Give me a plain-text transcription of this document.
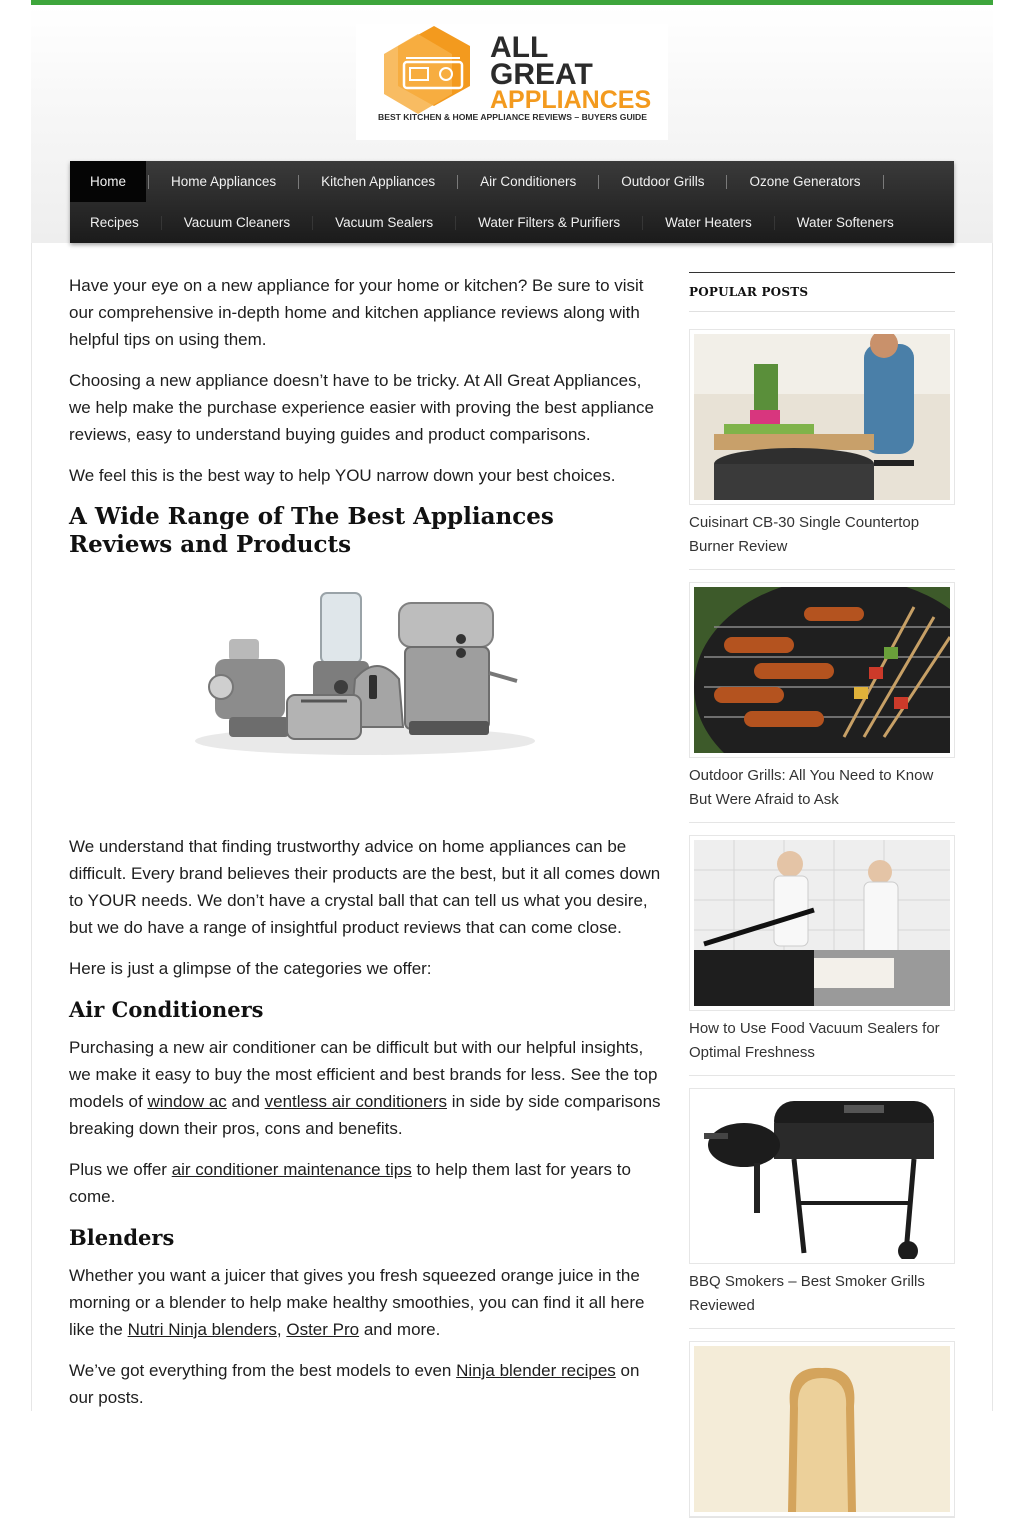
ALL
GREAT
APPLIANCES
BEST KITCHEN & HOME APPLIANCE REVIEWS – BUYERS GUIDE
Home	Home Appliances	Kitchen Appliances	Air Conditioners	Outdoor Grills	Ozone Generators
Recipes	Vacuum Cleaners	Vacuum Sealers	Water Filters & Purifiers	Water Heaters	Water Softeners

Have your eye on a new appliance for your home or kitchen? Be sure to visit our comprehensive in-depth home and kitchen appliance reviews along with helpful tips on using them.

Choosing a new appliance doesn’t have to be tricky. At All Great Appliances, we help make the purchase experience easier with proving the best appliance reviews, easy to understand buying guides and product comparisons.

We feel this is the best way to help YOU narrow down your best choices.

A Wide Range of The Best Appliances Reviews and Products

We understand that finding trustworthy advice on home appliances can be difficult. Every brand believes their products are the best, but it all comes down to YOUR needs. We don’t have a crystal ball that can tell us what you desire, but we do have a range of insightful product reviews that can come close.

Here is just a glimpse of the categories we offer:

Air Conditioners

Purchasing a new air conditioner can be difficult but with our helpful insights, we make it easy to buy the most efficient and best brands for less. See the top models of window ac and ventless air conditioners in side by side comparisons breaking down their pros, cons and benefits.

Plus we offer air conditioner maintenance tips to help them last for years to come.

Blenders

Whether you want a juicer that gives you fresh squeezed orange juice in the morning or a blender to help make healthy smoothies, you can find it all here like the Nutri Ninja blenders, Oster Pro and more.

We’ve got everything from the best models to even Ninja blender recipes on our posts.

POPULAR POSTS
Cuisinart CB-30 Single Countertop Burner Review
Outdoor Grills: All You Need to Know But Were Afraid to Ask
How to Use Food Vacuum Sealers for Optimal Freshness
BBQ Smokers – Best Smoker Grills Reviewed
